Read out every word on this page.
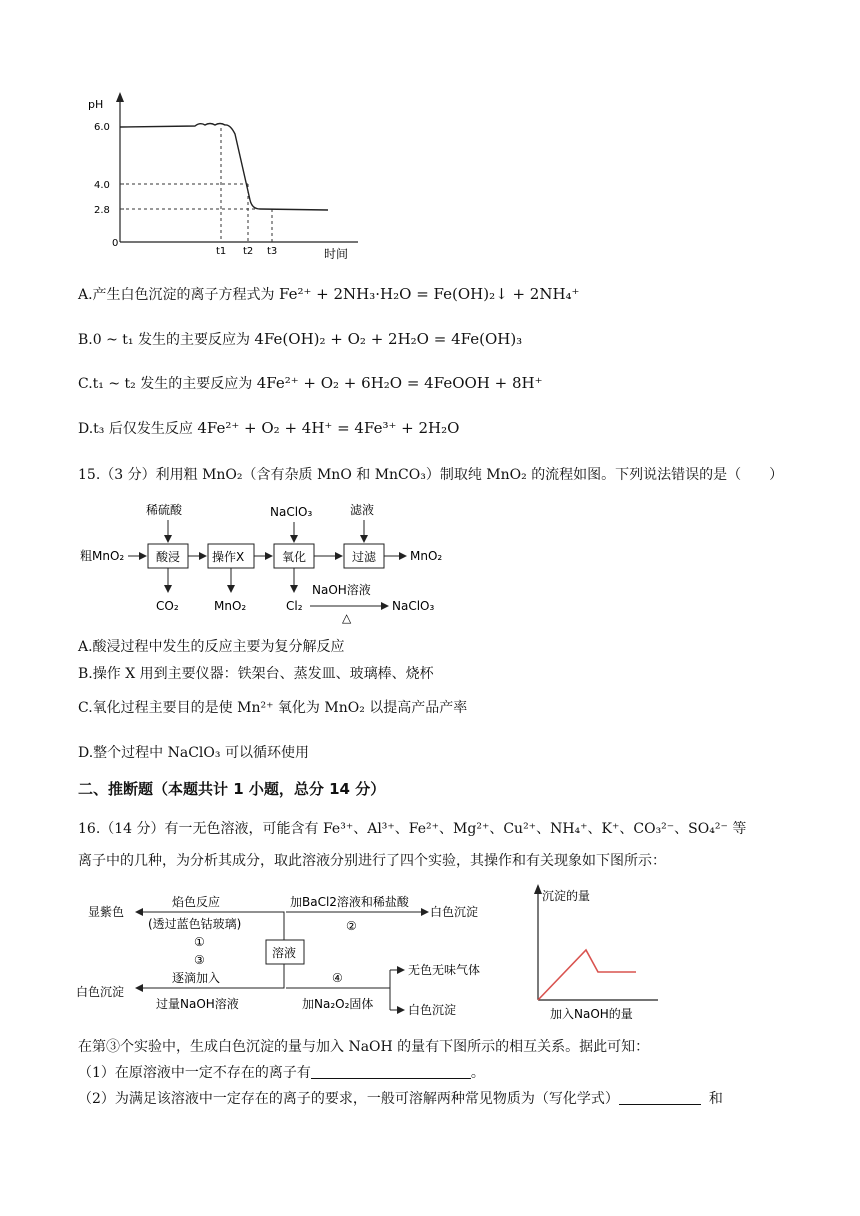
pH
6.0
4.0
2.8
0
t1 t2 t3	时间
A.产生白色沉淀的离子方程式为 Fe²⁺ + 2NH₃·H₂O = Fe(OH)₂↓ + 2NH₄⁺
B.0 ~ t₁ 发生的主要反应为 4Fe(OH)₂ + O₂ + 2H₂O = 4Fe(OH)₃
C.t₁ ~ t₂ 发生的主要反应为 4Fe²⁺ + O₂ + 6H₂O = 4FeOOH + 8H⁺
D.t₃ 后仅发生反应 4Fe²⁺ + O₂ + 4H⁺ = 4Fe³⁺ + 2H₂O
15.（3 分）利用粗 MnO₂（含有杂质 MnO 和 MnCO₃）制取纯 MnO₂ 的流程如图。下列说法错误的是（　　）
粗MnO₂	酸浸	操作X	氧化	过滤	MnO₂
稀硫酸	NaClO₃	滤液
CO₂	MnO₂	Cl₂
NaOH溶液
△
NaClO₃
A.酸浸过程中发生的反应主要为复分解反应
B.操作 X 用到主要仪器：铁架台、蒸发皿、玻璃棒、烧杯
C.氧化过程主要目的是使 Mn²⁺ 氧化为 MnO₂ 以提高产品产率
D.整个过程中 NaClO₃ 可以循环使用
二、推断题（本题共计 1 小题，总分 14 分）
16.（14 分）有一无色溶液，可能含有 Fe³⁺、Al³⁺、Fe²⁺、Mg²⁺、Cu²⁺、NH₄⁺、K⁺、CO₃²⁻、SO₄²⁻ 等
离子中的几种，为分析其成分，取此溶液分别进行了四个实验，其操作和有关现象如下图所示：
溶液
显紫色
焰色反应
(透过蓝色钴玻璃)
①
加BaCl2溶液和稀盐酸
白色沉淀
②
③
逐滴加入
过量NaOH溶液
白色沉淀
④
加Na₂O₂固体
无色无味气体
白色沉淀
沉淀的量
加入NaOH的量
在第③个实验中，生成白色沉淀的量与加入 NaOH 的量有下图所示的相互关系。据此可知：
（1）在原溶液中一定不存在的离子有	。
（2）为满足该溶液中一定存在的离子的要求，一般可溶解两种常见物质为（写化学式）	和
